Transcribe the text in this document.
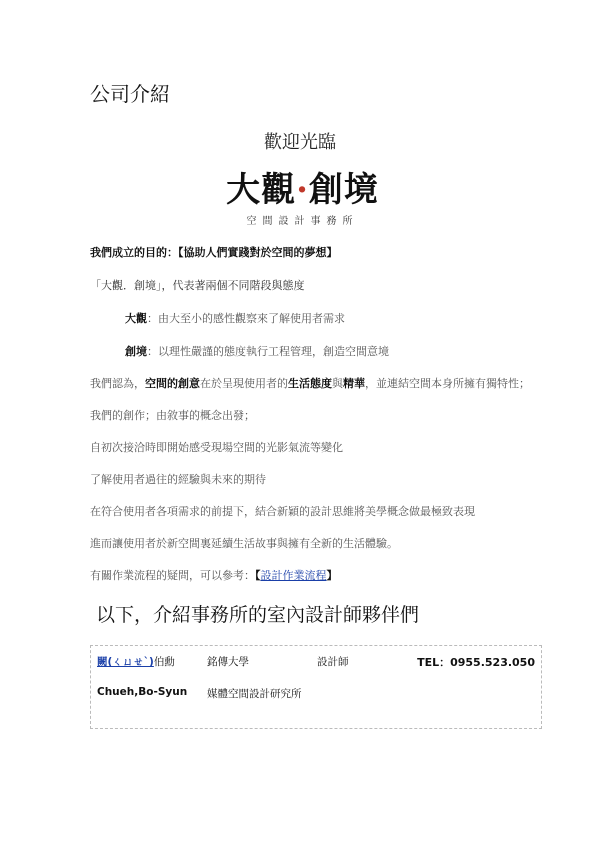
公司介紹
歡迎光臨
大觀·創境
空間設計事務所
我們成立的目的：【協助人們實踐對於空間的夢想】
「大觀．創境」，代表著兩個不同階段與態度
大觀：由大至小的感性觀察來了解使用者需求
創境：以理性嚴謹的態度執行工程管理，創造空間意境
我們認為，空間的創意在於呈現使用者的生活態度與精華，並連結空間本身所擁有獨特性；
我們的創作；由敘事的概念出發；
自初次接洽時即開始感受現場空間的光影氣流等變化
了解使用者過往的經驗與未來的期待
在符合使用者各項需求的前提下，結合新穎的設計思維將美學概念做最極致表現
進而讓使用者於新空間裏延續生活故事與擁有全新的生活體驗。
有關作業流程的疑問，可以參考：【設計作業流程】
以下，介紹事務所的室內設計師夥伴們
闕(ㄑㄩㄝˋ)伯勳	銘傳大學	設計師	TEL：0955.523.050
Chueh,Bo-Syun 媒體空間設計研究所
